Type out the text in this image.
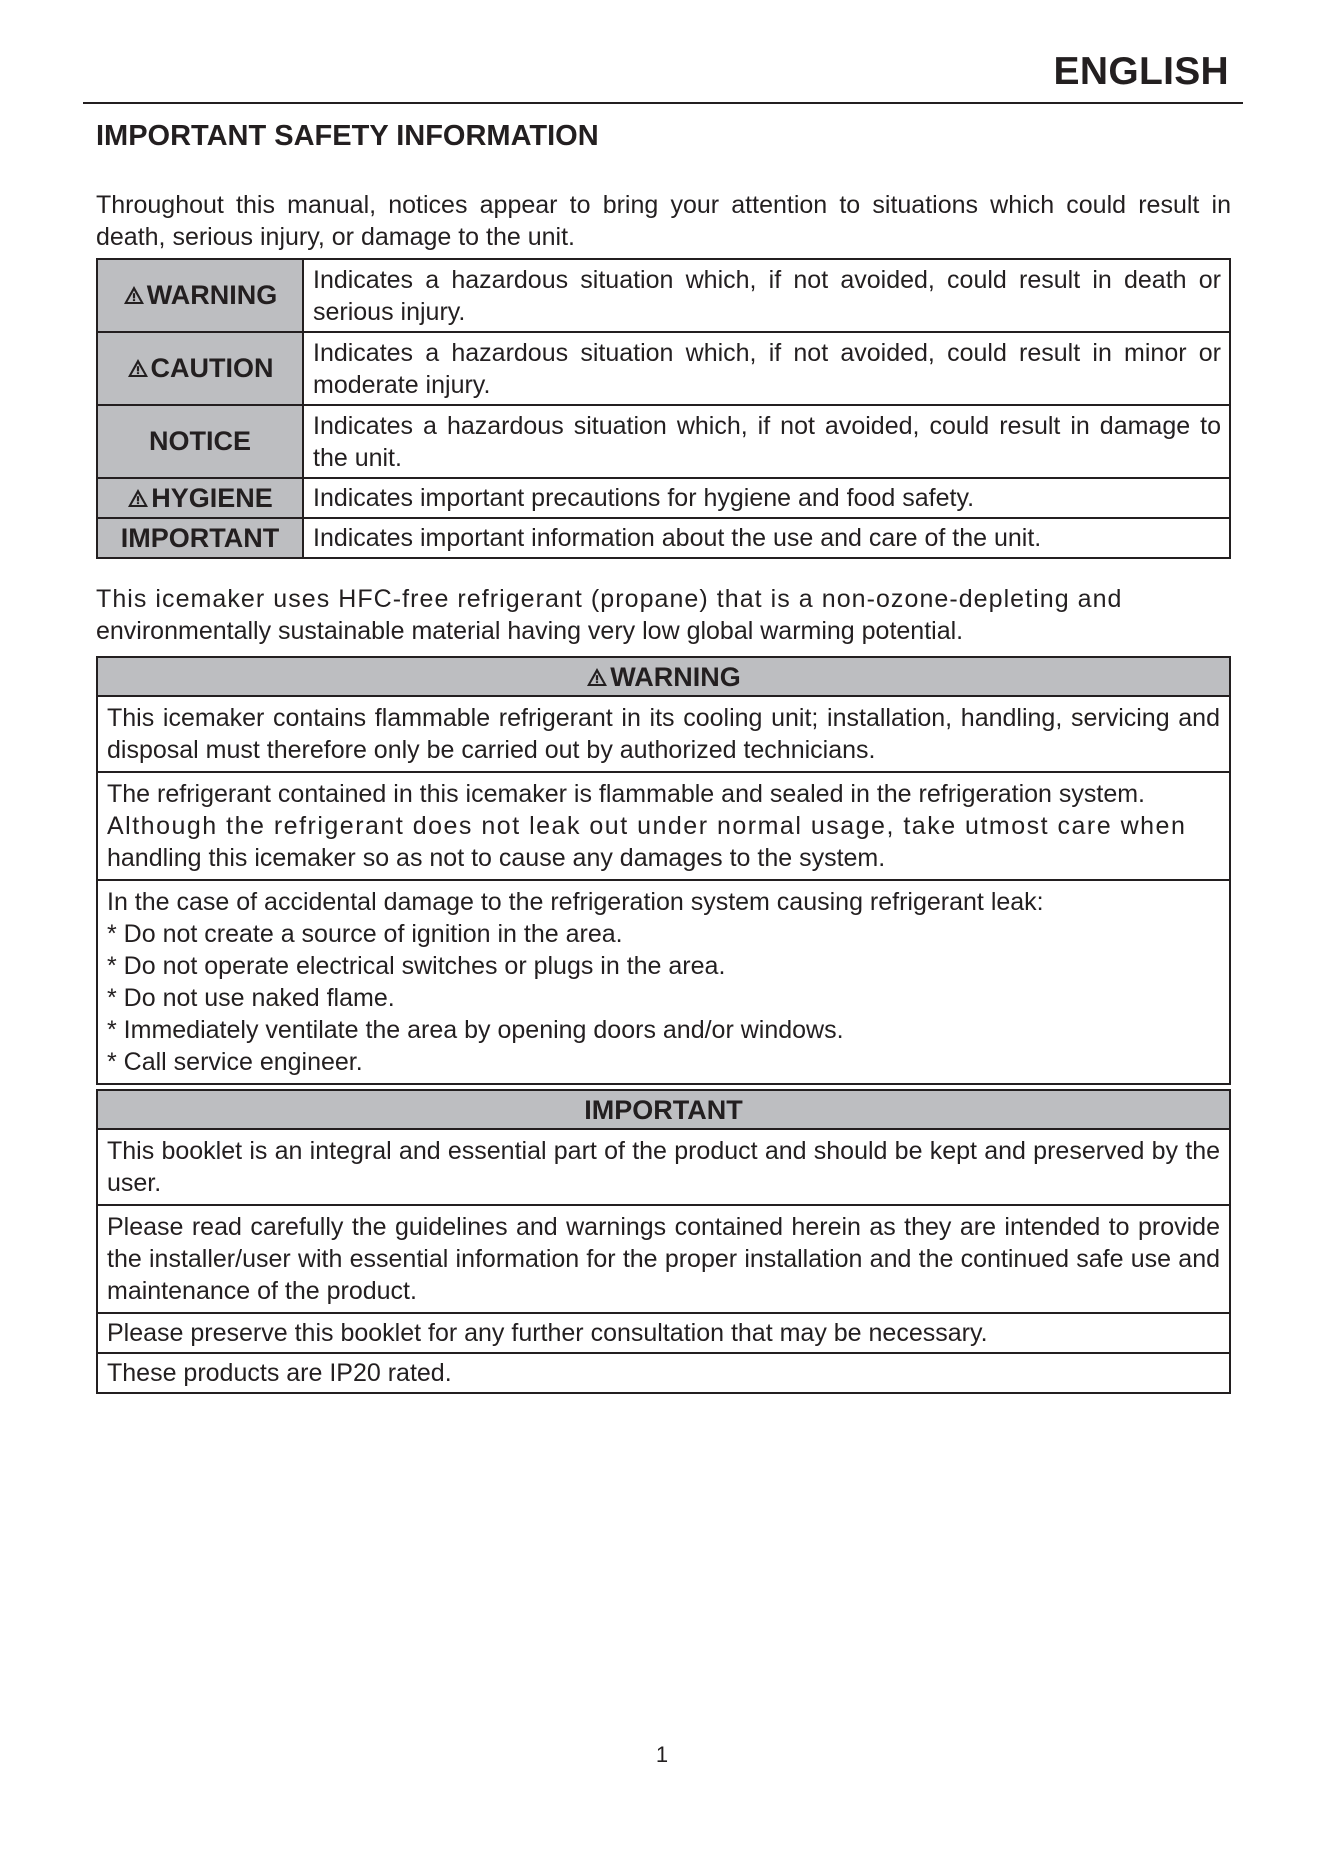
ENGLISH
IMPORTANT SAFETY INFORMATION

Throughout this manual, notices appear to bring your attention to situations which could result in death, serious injury, or damage to the unit.

WARNING	Indicates a hazardous situation which, if not avoided, could result in death or serious injury.
CAUTION	Indicates a hazardous situation which, if not avoided, could result in minor or moderate injury.
NOTICE	Indicates a hazardous situation which, if not avoided, could result in damage to the unit.
HYGIENE	Indicates important precautions for hygiene and food safety.
IMPORTANT	Indicates important information about the use and care of the unit.

This icemaker uses HFC-free refrigerant (propane) that is a non-ozone-depleting and
environmentally sustainable material having very low global warming potential.

WARNING
This icemaker contains flammable refrigerant in its cooling unit; installation, handling, servicing and disposal must therefore only be carried out by authorized technicians.

The refrigerant contained in this icemaker is flammable and sealed in the refrigeration system.
Although the refrigerant does not leak out under normal usage, take utmost care when
handling this icemaker so as not to cause any damages to the system.

In the case of accidental damage to the refrigeration system causing refrigerant leak:
* Do not create a source of ignition in the area.
* Do not operate electrical switches or plugs in the area.
* Do not use naked flame.
* Immediately ventilate the area by opening doors and/or windows.
* Call service engineer.
IMPORTANT
This booklet is an integral and essential part of the product and should be kept and preserved by the user.
Please read carefully the guidelines and warnings contained herein as they are intended to provide the installer/user with essential information for the proper installation and the continued safe use and maintenance of the product.
Please preserve this booklet for any further consultation that may be necessary.
These products are IP20 rated.
1
